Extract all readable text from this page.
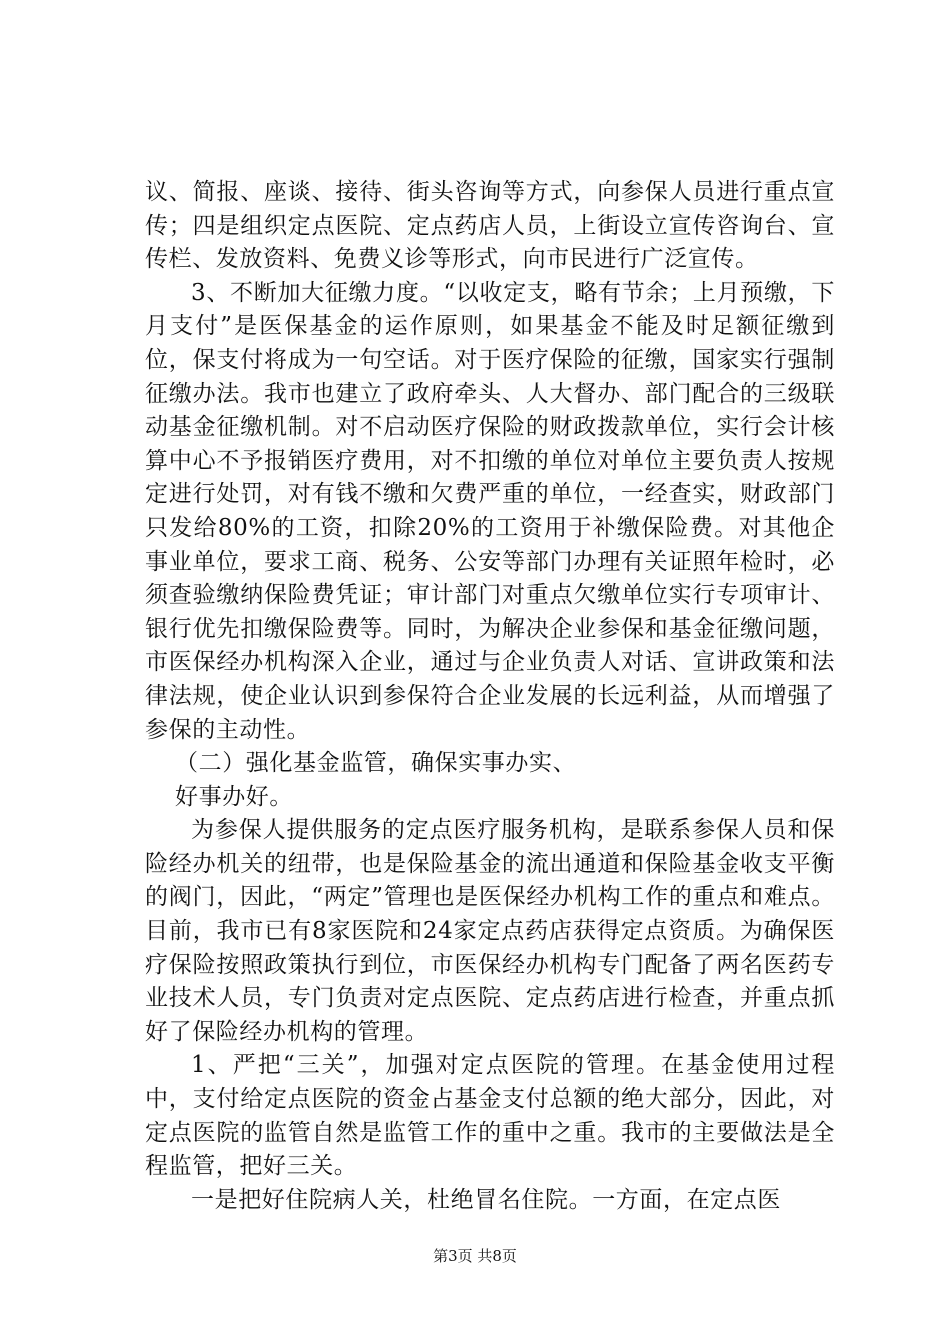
议、简报、座谈、接待、街头咨询等方式，向参保人员进行重点宣传；四是组织定点医院、定点药店人员，上街设立宣传咨询台、宣传栏、发放资料、免费义诊等形式，向市民进行广泛宣传。

3、不断加大征缴力度。“以收定支，略有节余；上月预缴，下月支付”是医保基金的运作原则，如果基金不能及时足额征缴到位，保支付将成为一句空话。对于医疗保险的征缴，国家实行强制征缴办法。我市也建立了政府牵头、人大督办、部门配合的三级联动基金征缴机制。对不启动医疗保险的财政拨款单位，实行会计核算中心不予报销医疗费用，对不扣缴的单位对单位主要负责人按规定进行处罚，对有钱不缴和欠费严重的单位，一经查实，财政部门只发给80%的工资，扣除20%的工资用于补缴保险费。对其他企事业单位，要求工商、税务、公安等部门办理有关证照年检时，必须查验缴纳保险费凭证；审计部门对重点欠缴单位实行专项审计、银行优先扣缴保险费等。同时，为解决企业参保和基金征缴问题，市医保经办机构深入企业，通过与企业负责人对话、宣讲政策和法律法规，使企业认识到参保符合企业发展的长远利益，从而增强了参保的主动性。

（二）强化基金监管，确保实事办实、

好事办好。

为参保人提供服务的定点医疗服务机构，是联系参保人员和保险经办机关的纽带，也是保险基金的流出通道和保险基金收支平衡的阀门，因此，“两定”管理也是医保经办机构工作的重点和难点。目前，我市已有8家医院和24家定点药店获得定点资质。为确保医疗保险按照政策执行到位，市医保经办机构专门配备了两名医药专业技术人员，专门负责对定点医院、定点药店进行检查，并重点抓好了保险经办机构的管理。

1、严把“三关”，加强对定点医院的管理。在基金使用过程中，支付给定点医院的资金占基金支付总额的绝大部分，因此，对定点医院的监管自然是监管工作的重中之重。我市的主要做法是全程监管，把好三关。

一是把好住院病人关，杜绝冒名住院。一方面，在定点医

第3页 共8页
